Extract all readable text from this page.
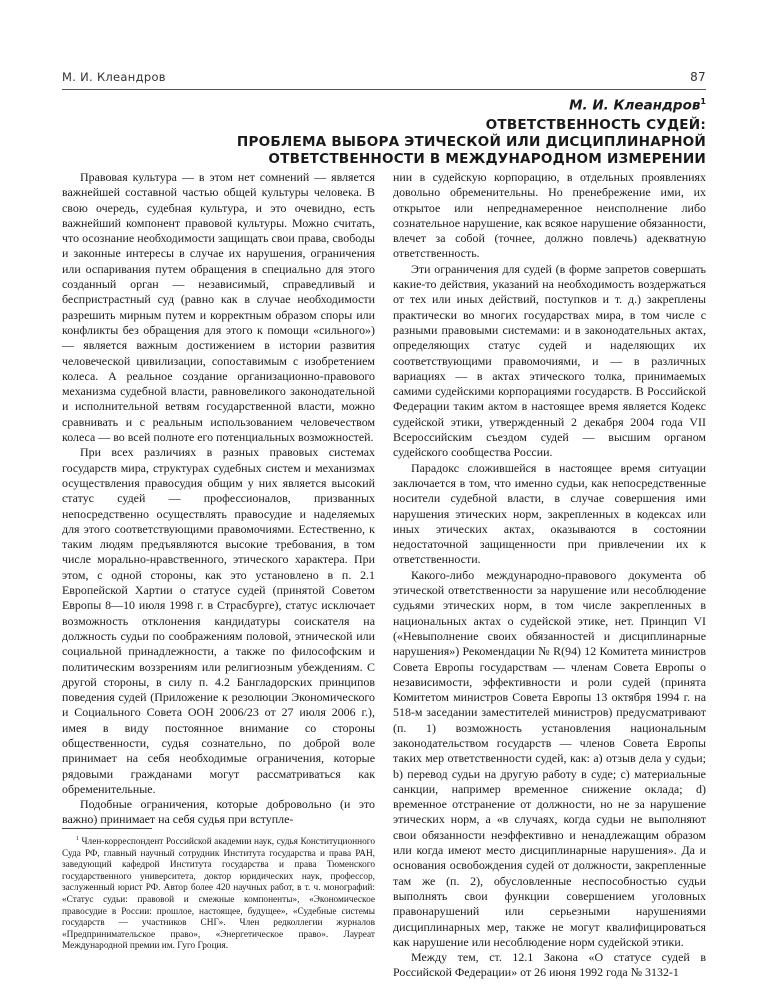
М. И. Клеандров	87
М. И. Клеандров$^1$
ОТВЕТСТВЕННОСТЬ СУДЕЙ:
ПРОБЛЕМА ВЫБОРА ЭТИЧЕСКОЙ ИЛИ ДИСЦИПЛИНАРНОЙ
ОТВЕТСТВЕННОСТИ В МЕЖДУНАРОДНОМ ИЗМЕРЕНИИ

Правовая культура — в этом нет сомнений — является важнейшей составной частью общей культуры человека. В свою очередь, судебная культура, и это очевидно, есть важнейший компонент правовой культуры. Можно считать, что осознание необходимости защищать свои права, свободы и законные интересы в случае их нарушения, ограничения или оспаривания путем обращения в специально для этого созданный орган — независимый, справедливый и беспристрастный суд (равно как в случае необходимости разрешить мирным путем и корректным образом споры или конфликты без обращения для этого к помощи «сильного») — является важным достижением в истории развития человеческой цивилизации, сопоставимым с изобретением колеса. А реальное создание организационно-правового механизма судебной власти, равновеликого законодательной и исполнительной ветвям государственной власти, можно сравнивать и с реальным использованием человечеством колеса — во всей полноте его потенциальных возможностей.

При всех различиях в разных правовых системах государств мира, структурах судебных систем и механизмах осуществления правосудия общим у них является высокий статус судей — профессионалов, призванных непосредственно осуществлять правосудие и наделяемых для этого соответствующими правомочиями. Естественно, к таким людям предъявляются высокие требования, в том числе морально-нравственного, этического характера. При этом, с одной стороны, как это установлено в п. 2.1 Европейской Хартии о статусе судей (принятой Советом Европы 8—10 июля 1998 г. в Страсбурге), статус исключает возможность отклонения кандидатуры соискателя на должность судьи по соображениям половой, этнической или социальной принадлежности, а также по философским и политическим воззрениям или религиозным убеждениям. С другой стороны, в силу п. 4.2 Бангладорских принципов поведения судей (Приложение к резолюции Экономического и Социального Совета ООН 2006/23 от 27 июля 2006 г.), имея в виду постоянное внимание со стороны общественности, судья сознательно, по доброй воле принимает на себя необходимые ограничения, которые рядовыми гражданами могут рассматриваться как обременительные.

Подобные ограничения, которые добровольно (и это важно) принимает на себя судья при вступле-

нии в судейскую корпорацию, в отдельных проявлениях довольно обременительны. Но пренебрежение ими, их открытое или непреднамеренное неисполнение либо сознательное нарушение, как всякое нарушение обязанности, влечет за собой (точнее, должно повлечь) адекватную ответственность.

Эти ограничения для судей (в форме запретов совершать какие-то действия, указаний на необходимость воздержаться от тех или иных действий, поступков и т. д.) закреплены практически во многих государствах мира, в том числе с разными правовыми системами: и в законодательных актах, определяющих статус судей и наделяющих их соответствующими правомочиями, и — в различных вариациях — в актах этического толка, принимаемых самими судейскими корпорациями государств. В Российской Федерации таким актом в настоящее время является Кодекс судейской этики, утвержденный 2 декабря 2004 года VII Всероссийским съездом судей — высшим органом судейского сообщества России.

Парадокс сложившейся в настоящее время ситуации заключается в том, что именно судьи, как непосредственные носители судебной власти, в случае совершения ими нарушения этических норм, закрепленных в кодексах или иных этических актах, оказываются в состоянии недостаточной защищенности при привлечении их к ответственности.

Какого-либо международно-правового документа об этической ответственности за нарушение или несоблюдение судьями этических норм, в том числе закрепленных в национальных актах о судейской этике, нет. Принцип VI («Невыполнение своих обязанностей и дисциплинарные нарушения») Рекомендации № R(94) 12 Комитета министров Совета Европы государствам — членам Совета Европы о независимости, эффективности и роли судей (принята Комитетом министров Совета Европы 13 октября 1994 г. на 518-м заседании заместителей министров) предусматривают (п. 1) возможность установления национальным законодательством государств — членов Совета Европы таких мер ответственности судей, как: a) отзыв дела у судьи; b) перевод судьи на другую работу в суде; c) материальные санкции, например временное снижение оклада; d) временное отстранение от должности, но не за нарушение этических норм, а «в случаях, когда судьи не выполняют свои обязанности неэффективно и ненадлежащим образом или когда имеют место дисциплинарные нарушения». Да и основания освобождения судей от должности, закрепленные там же (п. 2), обусловленные неспособностью судьи выполнять свои функции совершением уголовных правонарушений или серьезными нарушениями дисциплинарных мер, также не могут квалифицироваться как нарушение или несоблюдение норм судейской этики.

Между тем, ст. 12.1 Закона «О статусе судей в Российской Федерации» от 26 июня 1992 года № 3132-1

$^1$ Член-корреспондент Российской академии наук, судья Конституционного Суда РФ, главный научный сотрудник Института государства и права РАН, заведующий кафедрой Института государства и права Тюменского государственного университета, доктор юридических наук, профессор, заслуженный юрист РФ. Автор более 420 научных работ, в т. ч. монографий: «Статус судьи: правовой и смежные компоненты», «Экономическое правосудие в России: прошлое, настоящее, будущее», «Судебные системы государств — участников СНГ». Член редколлегии журналов «Предпринимательское право», «Энергетическое право». Лауреат Международной премии им. Гуго Гроция.
